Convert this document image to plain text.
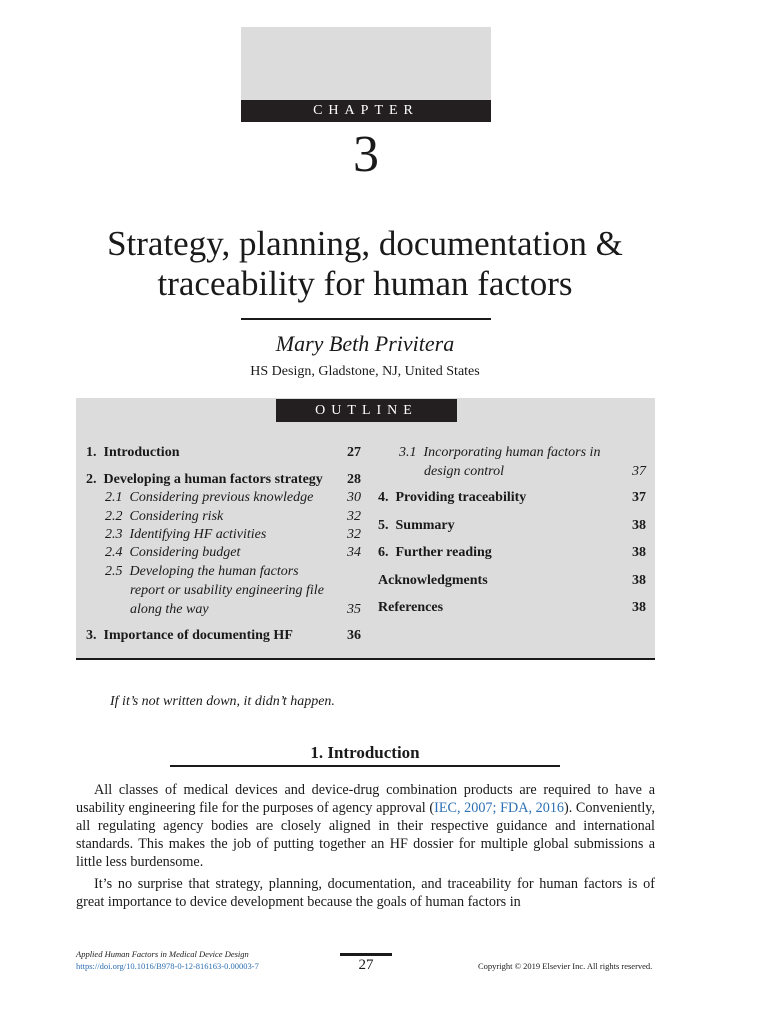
CHAPTER
3
Strategy, planning, documentation &
traceability for human factors
Mary Beth Privitera
HS Design, Gladstone, NJ, United States
OUTLINE
1. Introduction	27
2. Developing a human factors strategy	28
2.1 Considering previous knowledge	30
2.2 Considering risk	32
2.3 Identifying HF activities	32
2.4 Considering budget	34
2.5 Developing the human factors
report or usability engineering file
along the way	35
3. Importance of documenting HF	36
3.1 Incorporating human factors in
design control	37
4. Providing traceability	37
5. Summary	38
6. Further reading	38
Acknowledgments	38
References	38
If it’s not written down, it didn’t happen.
1. Introduction
All classes of medical devices and device-drug combination products are required to have a usability engineering file for the purposes of agency approval (IEC, 2007; FDA, 2016). Conveniently, all regulating agency bodies are closely aligned in their respective guidance and international standards. This makes the job of putting together an HF dossier for multiple global submissions a little less burdensome.
It’s no surprise that strategy, planning, documentation, and traceability for human factors is of great importance to device development because the goals of human factors in
Applied Human Factors in Medical Device Design
https://doi.org/10.1016/B978-0-12-816163-0.00003-7	27	Copyright © 2019 Elsevier Inc. All rights reserved.
